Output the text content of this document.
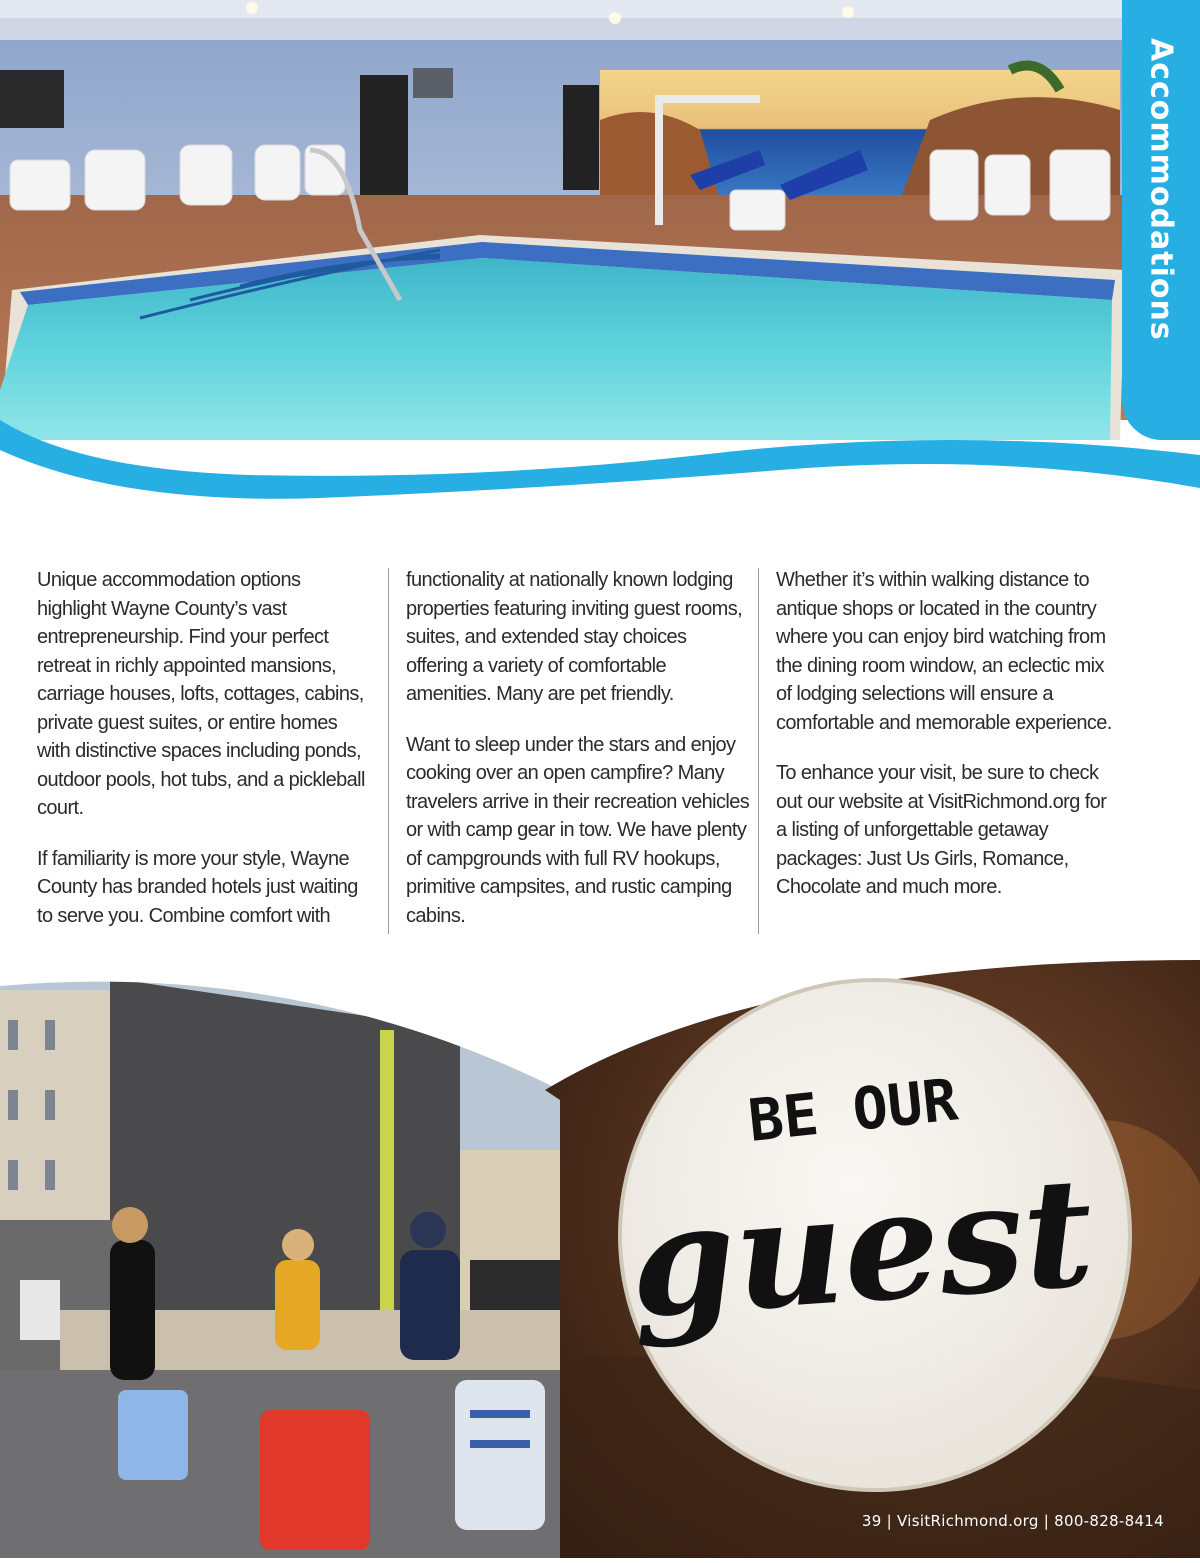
Accommodations

Unique accommodation options highlight Wayne County’s vast entrepreneurship. Find your perfect retreat in richly appointed mansions, carriage houses, lofts, cottages, cabins, private guest suites, or entire homes with distinctive spaces including ponds, outdoor pools, hot tubs, and a pickleball court.

If familiarity is more your style, Wayne County has branded hotels just waiting to serve you. Combine comfort with

functionality at nationally known lodging properties featuring inviting guest rooms, suites, and extended stay choices offering a variety of comfortable amenities. Many are pet friendly.

Want to sleep under the stars and enjoy cooking over an open campfire? Many travelers arrive in their recreation vehicles or with camp gear in tow. We have plenty of campgrounds with full RV hookups, primitive campsites, and rustic camping cabins.

Whether it’s within walking distance to antique shops or located in the country where you can enjoy bird watching from the dining room window, an eclectic mix of lodging selections will ensure a comfortable and memorable experience.

To enhance your visit, be sure to check out our website at VisitRichmond.org for a listing of unforgettable getaway packages: Just Us Girls, Romance, Chocolate and much more.

BE OUR
guest
39 | VisitRichmond.org | 800-828-8414
